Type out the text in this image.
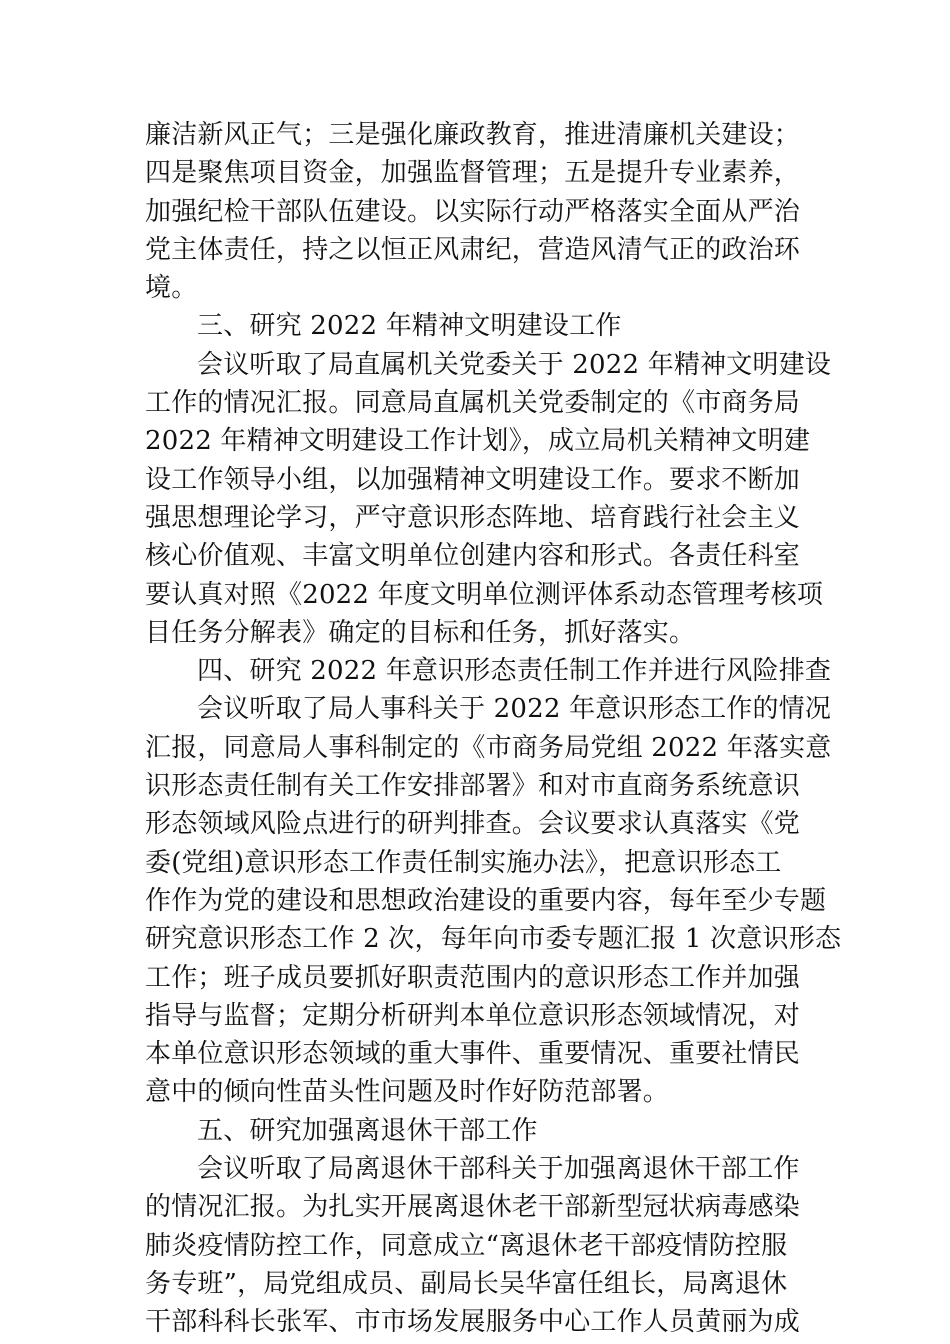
廉洁新风正气；三是强化廉政教育，推进清廉机关建设；
四是聚焦项目资金，加强监督管理；五是提升专业素养，
加强纪检干部队伍建设。以实际行动严格落实全面从严治
党主体责任，持之以恒正风肃纪，营造风清气正的政治环
境。
三、研究 2022 年精神文明建设工作
会议听取了局直属机关党委关于 2022 年精神文明建设
工作的情况汇报。同意局直属机关党委制定的《市商务局
2022 年精神文明建设工作计划》，成立局机关精神文明建
设工作领导小组，以加强精神文明建设工作。要求不断加
强思想理论学习，严守意识形态阵地、培育践行社会主义
核心价值观、丰富文明单位创建内容和形式。各责任科室
要认真对照《2022 年度文明单位测评体系动态管理考核项
目任务分解表》确定的目标和任务，抓好落实。
四、研究 2022 年意识形态责任制工作并进行风险排查
会议听取了局人事科关于 2022 年意识形态工作的情况
汇报，同意局人事科制定的《市商务局党组 2022 年落实意
识形态责任制有关工作安排部署》和对市直商务系统意识
形态领域风险点进行的研判排查。会议要求认真落实《党
委(党组)意识形态工作责任制实施办法》，把意识形态工
作作为党的建设和思想政治建设的重要内容，每年至少专题
研究意识形态工作 2 次，每年向市委专题汇报 1 次意识形态
工作；班子成员要抓好职责范围内的意识形态工作并加强
指导与监督；定期分析研判本单位意识形态领域情况，对
本单位意识形态领域的重大事件、重要情况、重要社情民
意中的倾向性苗头性问题及时作好防范部署。
五、研究加强离退休干部工作
会议听取了局离退休干部科关于加强离退休干部工作
的情况汇报。为扎实开展离退休老干部新型冠状病毒感染
肺炎疫情防控工作，同意成立“离退休老干部疫情防控服
务专班”，局党组成员、副局长吴华富任组长，局离退休
干部科科长张军、市市场发展服务中心工作人员黄丽为成
